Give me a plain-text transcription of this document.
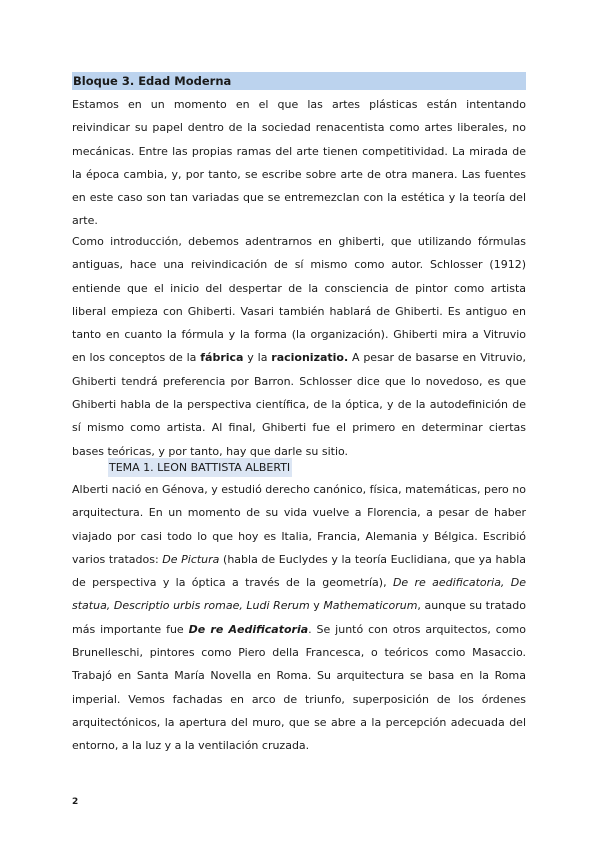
Bloque 3. Edad Moderna

Estamos en un momento en el que las artes plásticas están intentando reivindicar su papel dentro de la sociedad renacentista como artes liberales, no mecánicas. Entre las propias ramas del arte tienen competitividad. La mirada de la época cambia, y, por tanto, se escribe sobre arte de otra manera. Las fuentes en este caso son tan variadas que se entremezclan con la estética y la teoría del arte.

Como introducción, debemos adentrarnos en ghiberti, que utilizando fórmulas antiguas, hace una reivindicación de sí mismo como autor. Schlosser (1912) entiende que el inicio del despertar de la consciencia de pintor como artista liberal empieza con Ghiberti. Vasari también hablará de Ghiberti. Es antiguo en tanto en cuanto la fórmula y la forma (la organización). Ghiberti mira a Vitruvio en los conceptos de la fábrica y la racionizatio. A pesar de basarse en Vitruvio, Ghiberti tendrá preferencia por Barron. Schlosser dice que lo novedoso, es que Ghiberti habla de la perspectiva científica, de la óptica, y de la autodefinición de sí mismo como artista. Al final, Ghiberti fue el primero en determinar ciertas bases teóricas, y por tanto, hay que darle su sitio.

TEMA 1. LEON BATTISTA ALBERTI

Alberti nació en Génova, y estudió derecho canónico, física, matemáticas, pero no arquitectura. En un momento de su vida vuelve a Florencia, a pesar de haber viajado por casi todo lo que hoy es Italia, Francia, Alemania y Bélgica. Escribió varios tratados: De Pictura (habla de Euclydes y la teoría Euclidiana, que ya habla de perspectiva y la óptica a través de la geometría), De re aedificatoria, De statua, Descriptio urbis romae, Ludi Rerum y Mathematicorum, aunque su tratado más importante fue De re Aedificatoria. Se juntó con otros arquitectos, como Brunelleschi, pintores como Piero della Francesca, o teóricos como Masaccio. Trabajó en Santa María Novella en Roma. Su arquitectura se basa en la Roma imperial. Vemos fachadas en arco de triunfo, superposición de los órdenes arquitectónicos, la apertura del muro, que se abre a la percepción adecuada del entorno, a la luz y a la ventilación cruzada.

2
